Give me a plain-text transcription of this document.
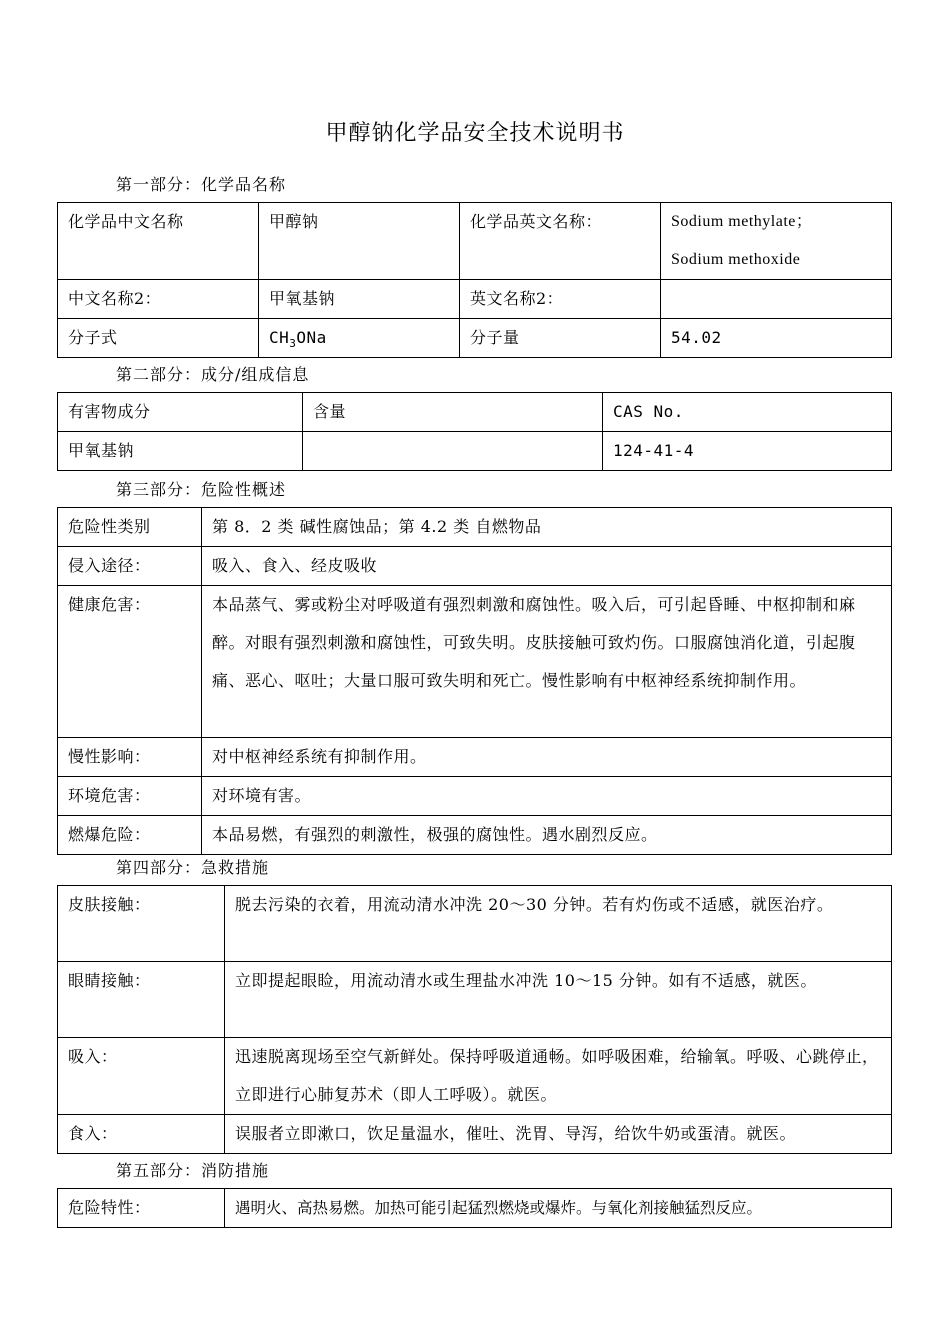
甲醇钠化学品安全技术说明书
第一部分：化学品名称
化学品中文名称	甲醇钠	化学品英文名称：	Sodium methylate；
Sodium methoxide
中文名称2：	甲氧基钠	英文名称2：	
分子式	$CH_3ONa$	分子量	54.02
第二部分：成分/组成信息
有害物成分	含量	CAS No.
甲氧基钠		124-41-4
第三部分：危险性概述
危险性类别	第 8．2 类 碱性腐蚀品；第 4.2 类 自燃物品
侵入途径：	吸入、食入、经皮吸收
健康危害：	本品蒸气、雾或粉尘对呼吸道有强烈刺激和腐蚀性。吸入后，可引起昏睡、中枢抑制和麻醉。对眼有强烈刺激和腐蚀性，可致失明。皮肤接触可致灼伤。口服腐蚀消化道，引起腹痛、恶心、呕吐；大量口服可致失明和死亡。慢性影响有中枢神经系统抑制作用。
慢性影响：	对中枢神经系统有抑制作用。
环境危害：	对环境有害。
燃爆危险：	本品易燃，有强烈的刺激性，极强的腐蚀性。遇水剧烈反应。
第四部分：急救措施
皮肤接触：	脱去污染的衣着，用流动清水冲洗 20～30 分钟。若有灼伤或不适感，就医治疗。
眼睛接触：	立即提起眼睑，用流动清水或生理盐水冲洗 10～15 分钟。如有不适感，就医。
吸入：	迅速脱离现场至空气新鲜处。保持呼吸道通畅。如呼吸困难，给输氧。呼吸、心跳停止，立即进行心肺复苏术（即人工呼吸）。就医。
食入：	误服者立即漱口，饮足量温水，催吐、洗胃、导泻，给饮牛奶或蛋清。就医。
第五部分：消防措施
危险特性：	遇明火、高热易燃。加热可能引起猛烈燃烧或爆炸。与氧化剂接触猛烈反应。
